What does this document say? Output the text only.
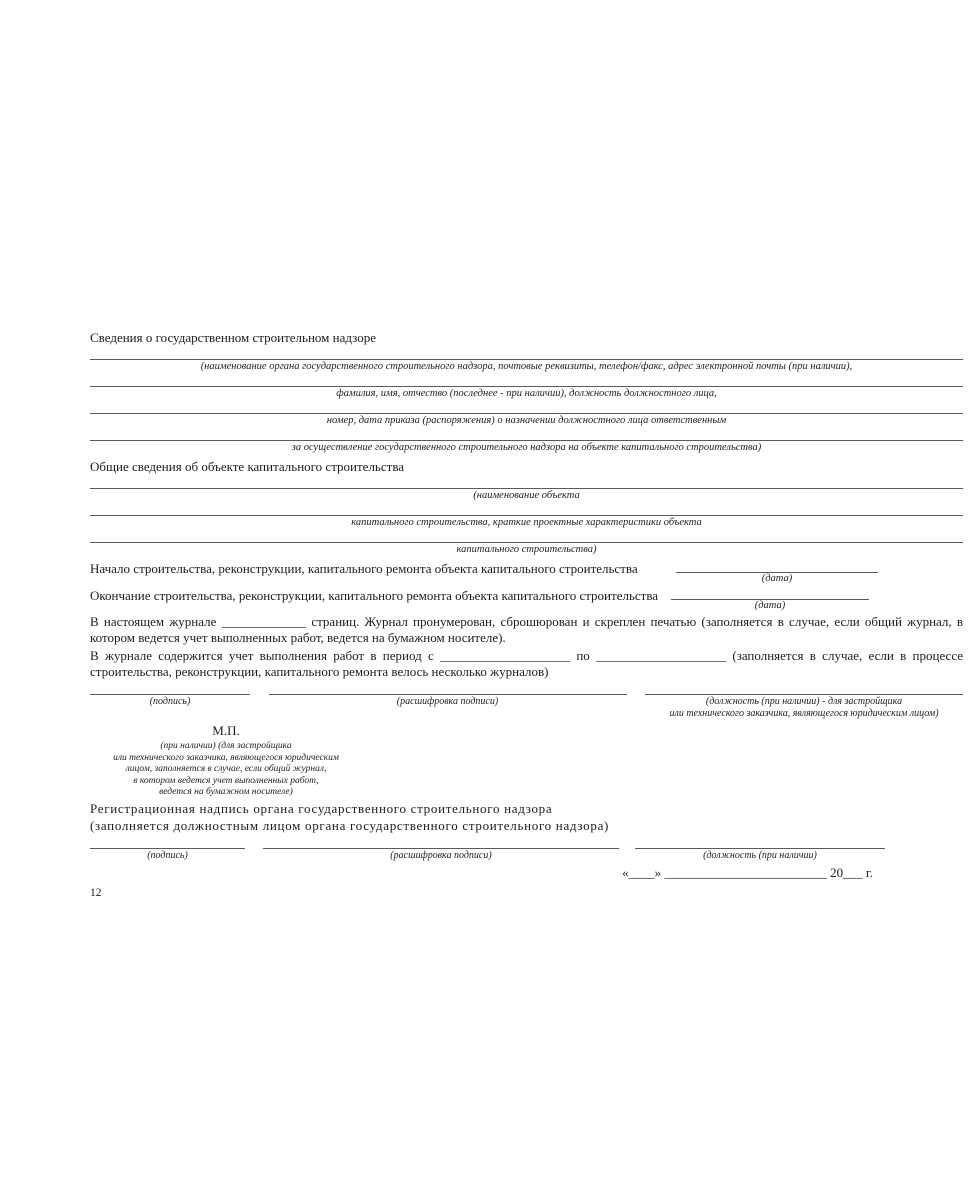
Сведения о государственном строительном надзоре
(наименование органа государственного строительного надзора, почтовые реквизиты, телефон/факс, адрес электронной почты (при наличии),
фамилия, имя, отчество (последнее - при наличии), должность должностного лица,
номер, дата приказа (распоряжения) о назначении должностного лица ответственным
за осуществление государственного строительного надзора на объекте капитального строительства)
Общие сведения об объекте капитального строительства
(наименование объекта
капитального строительства, краткие проектные характеристики объекта
капитального строительства)
Начало строительства, реконструкции, капитального ремонта объекта капитального строительства
(дата)
Окончание строительства, реконструкции, капитального ремонта объекта капитального строительства
(дата)
В настоящем журнале _____________ страниц. Журнал пронумерован, сброшюрован и скреплен печатью (заполняется в случае, если общий журнал, в котором ведется учет выполненных работ, ведется на бумажном носителе).
В журнале содержится учет выполнения работ в период с ____________________ по ____________________ (заполняется в случае, если в процессе строительства, реконструкции, капитального ремонта велось несколько журналов)
(подпись)	(расшифровка подписи)	(должность (при наличии) - для застройщика
или технического заказчика, являющегося юридическим лицом)
М.П.
(при наличии) (для застройщика
или технического заказчика, являющегося юридическим
лицом, заполняется в случае, если общий журнал,
в котором ведется учет выполненных работ,
ведется на бумажном носителе)
Регистрационная надпись органа государственного строительного надзора
(заполняется должностным лицом органа государственного строительного надзора)
(подпись)	(расшифровка подписи)	(должность (при наличии)
«____»
_________________________
20___ г.
12
